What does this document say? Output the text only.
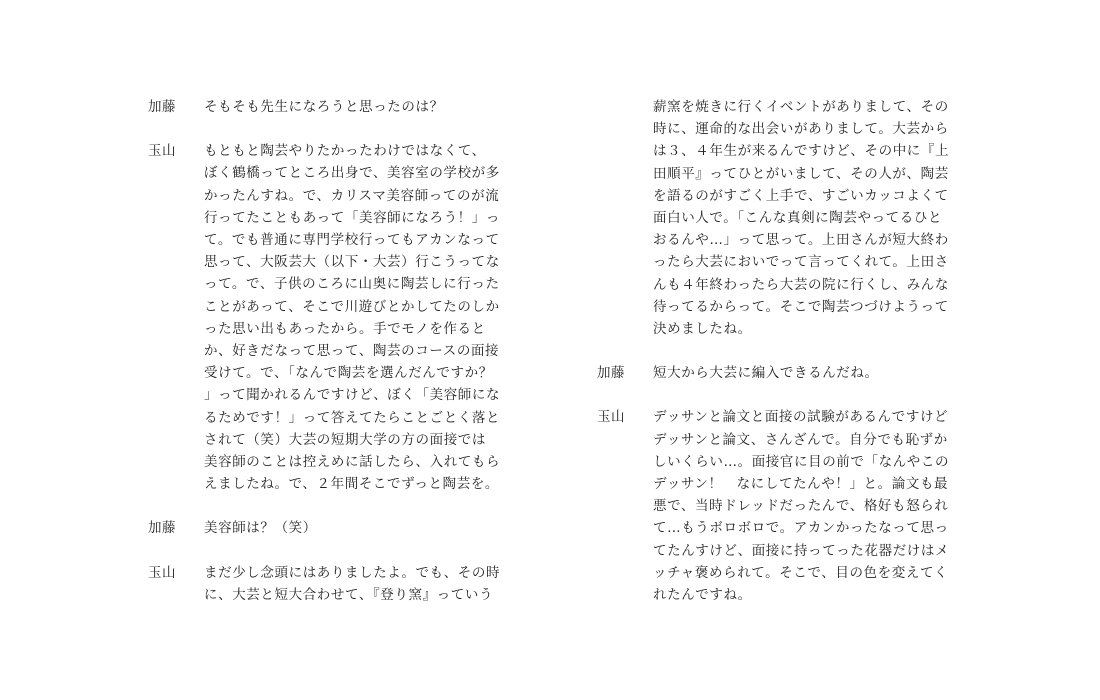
加藤	そもそも先生になろうと思ったのは？
玉山	もともと陶芸やりたかったわけではなくて、
ぼく鶴橋ってところ出身で、美容室の学校が多
かったんすね。で、カリスマ美容師ってのが流
行ってたこともあって「美容師になろう！」っ
て。でも普通に専門学校行ってもアカンなって
思って、大阪芸大（以下・大芸）行こうってな
って。で、子供のころに山奥に陶芸しに行った
ことがあって、そこで川遊びとかしてたのしか
った思い出もあったから。手でモノを作ると
か、好きだなって思って、陶芸のコースの面接
受けて。で、「なんで陶芸を選んだんですか？
」って聞かれるんですけど、ぼく「美容師にな
るためです！」って答えてたらことごとく落と
されて（笑）大芸の短期大学の方の面接では
美容師のことは控えめに話したら、入れてもら
えましたね。で、２年間そこでずっと陶芸を。
加藤	美容師は？（笑）
玉山	まだ少し念頭にはありましたよ。でも、その時
に、大芸と短大合わせて、『登り窯』っていう
薪窯を焼きに行くイベントがありまして、その
時に、運命的な出会いがありまして。大芸から
は３、４年生が来るんですけど、その中に『上
田順平』ってひとがいまして、その人が、陶芸
を語るのがすごく上手で、すごいカッコよくて
面白い人で。「こんな真剣に陶芸やってるひと
おるんや…」って思って。上田さんが短大終わ
ったら大芸においでって言ってくれて。上田さ
んも４年終わったら大芸の院に行くし、みんな
待ってるからって。そこで陶芸つづけようって
決めましたね。
加藤	短大から大芸に編入できるんだね。
玉山	デッサンと論文と面接の試験があるんですけど
デッサンと論文、さんざんで。自分でも恥ずか
しいくらい…。面接官に目の前で「なんやこの
デッサン！　なにしてたんや！」と。論文も最
悪で、当時ドレッドだったんで、格好も怒られ
て…もうボロボロで。アカンかったなって思っ
てたんすけど、面接に持ってった花器だけはメ
ッチャ褒められて。そこで、目の色を変えてく
れたんですね。
